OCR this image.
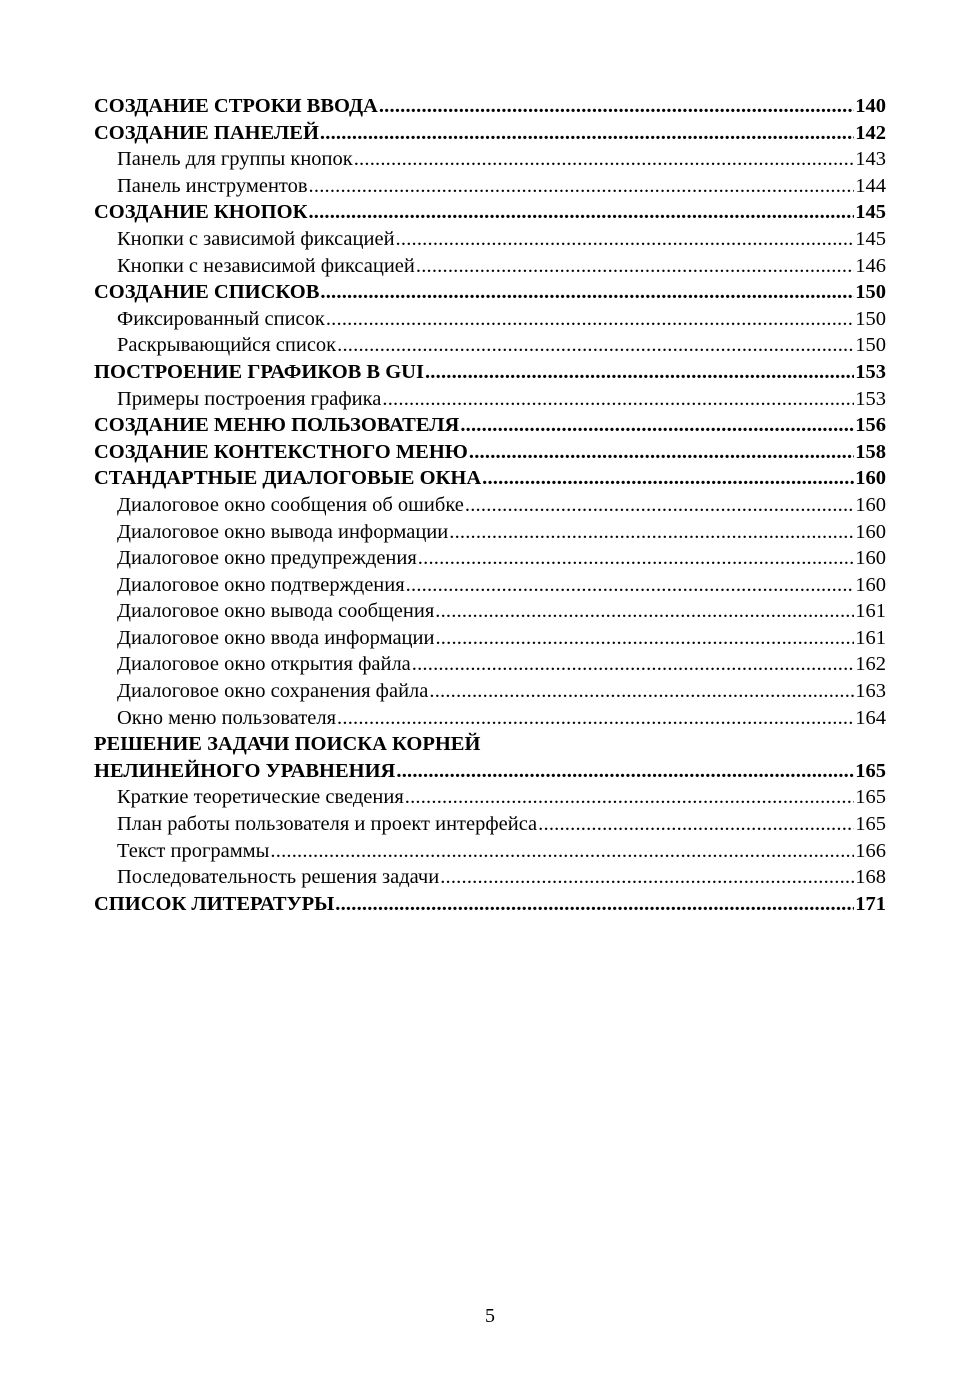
СОЗДАНИЕ СТРОКИ ВВОДА .....	140
СОЗДАНИЕ ПАНЕЛЕЙ .....	142
Панель для группы кнопок .....	143
Панель инструментов .....	144
СОЗДАНИЕ КНОПОК .....	145
Кнопки с зависимой фиксацией .....	145
Кнопки с независимой фиксацией .....	146
СОЗДАНИЕ СПИСКОВ .....	150
Фиксированный список .....	150
Раскрывающийся список .....	150
ПОСТРОЕНИЕ ГРАФИКОВ В GUI .....	153
Примеры построения графика .....	153
СОЗДАНИЕ МЕНЮ ПОЛЬЗОВАТЕЛЯ .....	156
СОЗДАНИЕ КОНТЕКСТНОГО МЕНЮ .....	158
СТАНДАРТНЫЕ ДИАЛОГОВЫЕ ОКНА .....	160
Диалоговое окно сообщения об ошибке .....	160
Диалоговое окно вывода информации .....	160
Диалоговое окно предупреждения .....	160
Диалоговое окно подтверждения .....	160
Диалоговое окно вывода сообщения .....	161
Диалоговое окно ввода информации .....	161
Диалоговое окно открытия файла .....	162
Диалоговое окно сохранения файла .....	163
Окно меню пользователя .....	164
РЕШЕНИЕ ЗАДАЧИ ПОИСКА КОРНЕЙ
НЕЛИНЕЙНОГО УРАВНЕНИЯ .....	165
Краткие теоретические сведения .....	165
План работы пользователя и проект интерфейса .....	165
Текст программы .....	166
Последовательность решения задачи .....	168
СПИСОК ЛИТЕРАТУРЫ .....	171
5
